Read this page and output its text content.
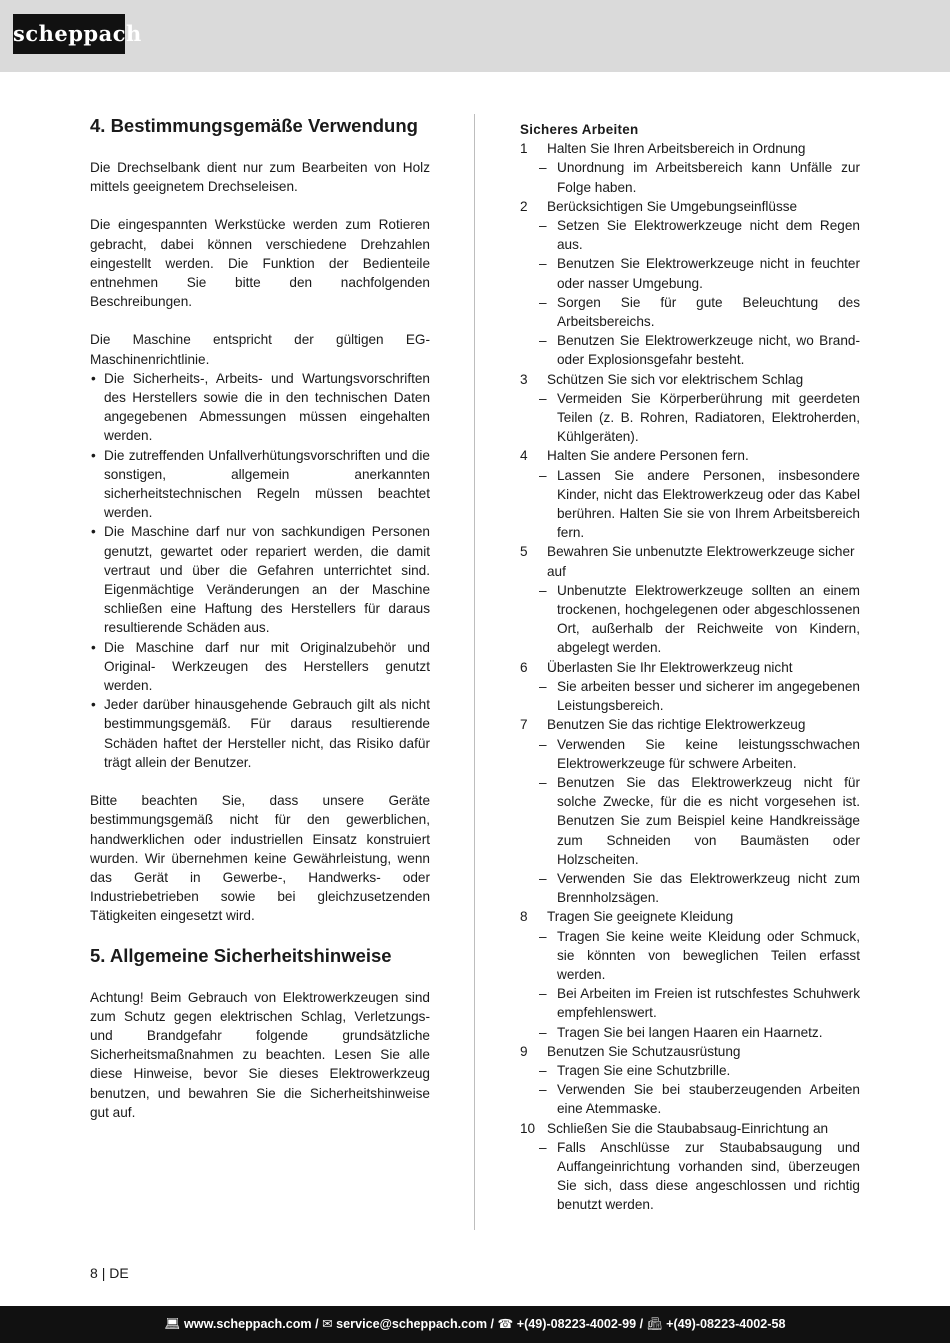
scheppach
4. Bestimmungsgemäße Verwendung

Die Drechselbank dient nur zum Bearbeiten von Holz mittels geeignetem Drechseleisen.

Die eingespannten Werkstücke werden zum Rotieren gebracht, dabei können verschiedene Drehzahlen eingestellt werden. Die Funktion der Bedienteile entnehmen Sie bitte den nachfolgenden Beschreibungen.

Die Maschine entspricht der gültigen EG-Maschinenrichtlinie.

• Die Sicherheits-, Arbeits- und Wartungsvorschriften des Herstellers sowie die in den technischen Daten angegebenen Abmessungen müssen eingehalten werden.
• Die zutreffenden Unfallverhütungsvorschriften und die sonstigen, allgemein anerkannten sicherheitstechnischen Regeln müssen beachtet werden.
• Die Maschine darf nur von sachkundigen Personen genutzt, gewartet oder repariert werden, die damit vertraut und über die Gefahren unterrichtet sind. Eigenmächtige Veränderungen an der Maschine schließen eine Haftung des Herstellers für daraus resultierende Schäden aus.
• Die Maschine darf nur mit Originalzubehör und Original- Werkzeugen des Herstellers genutzt werden.
• Jeder darüber hinausgehende Gebrauch gilt als nicht bestimmungsgemäß. Für daraus resultierende Schäden haftet der Hersteller nicht, das Risiko dafür trägt allein der Benutzer.

Bitte beachten Sie, dass unsere Geräte bestimmungsgemäß nicht für den gewerblichen, handwerklichen oder industriellen Einsatz konstruiert wurden. Wir übernehmen keine Gewährleistung, wenn das Gerät in Gewerbe-, Handwerks- oder Industriebetrieben sowie bei gleichzusetzenden Tätigkeiten eingesetzt wird.

5. Allgemeine Sicherheitshinweise

Achtung! Beim Gebrauch von Elektrowerkzeugen sind zum Schutz gegen elektrischen Schlag, Verletzungs- und Brandgefahr folgende grundsätzliche Sicherheitsmaßnahmen zu beachten. Lesen Sie alle diese Hinweise, bevor Sie dieses Elektrowerkzeug benutzen, und bewahren Sie die Sicherheitshinweise gut auf.

Sicheres Arbeiten
1 Halten Sie Ihren Arbeitsbereich in Ordnung
– Unordnung im Arbeitsbereich kann Unfälle zur Folge haben.
2 Berücksichtigen Sie Umgebungseinflüsse
– Setzen Sie Elektrowerkzeuge nicht dem Regen aus.
– Benutzen Sie Elektrowerkzeuge nicht in feuchter oder nasser Umgebung.
– Sorgen Sie für gute Beleuchtung des Arbeitsbereichs.
– Benutzen Sie Elektrowerkzeuge nicht, wo Brand- oder Explosionsgefahr besteht.
3 Schützen Sie sich vor elektrischem Schlag
– Vermeiden Sie Körperberührung mit geerdeten Teilen (z. B. Rohren, Radiatoren, Elektroherden, Kühlgeräten).
4 Halten Sie andere Personen fern.
– Lassen Sie andere Personen, insbesondere Kinder, nicht das Elektrowerkzeug oder das Kabel berühren. Halten Sie sie von Ihrem Arbeitsbereich fern.
5 Bewahren Sie unbenutzte Elektrowerkzeuge sicher auf
– Unbenutzte Elektrowerkzeuge sollten an einem trockenen, hochgelegenen oder abgeschlossenen Ort, außerhalb der Reichweite von Kindern, abgelegt werden.
6 Überlasten Sie Ihr Elektrowerkzeug nicht
– Sie arbeiten besser und sicherer im angegebenen Leistungsbereich.
7 Benutzen Sie das richtige Elektrowerkzeug
– Verwenden Sie keine leistungsschwachen Elektrowerkzeuge für schwere Arbeiten.
– Benutzen Sie das Elektrowerkzeug nicht für solche Zwecke, für die es nicht vorgesehen ist. Benutzen Sie zum Beispiel keine Handkreissäge zum Schneiden von Baumästen oder Holzscheiten.
– Verwenden Sie das Elektrowerkzeug nicht zum Brennholzsägen.
8 Tragen Sie geeignete Kleidung
– Tragen Sie keine weite Kleidung oder Schmuck, sie könnten von beweglichen Teilen erfasst werden.
– Bei Arbeiten im Freien ist rutschfestes Schuhwerk empfehlenswert.
– Tragen Sie bei langen Haaren ein Haarnetz.
9 Benutzen Sie Schutzausrüstung
– Tragen Sie eine Schutzbrille.
– Verwenden Sie bei stauberzeugenden Arbeiten eine Atemmaske.
10 Schließen Sie die Staubabsaug-Einrichtung an
– Falls Anschlüsse zur Staubabsaugung und Auffangeinrichtung vorhanden sind, überzeugen Sie sich, dass diese angeschlossen und richtig benutzt werden.
8 | DE
💻︎ www.scheppach.com / ✉︎ service@scheppach.com / ☎︎ +(49)-08223-4002-99 / 📠︎ +(49)-08223-4002-58
